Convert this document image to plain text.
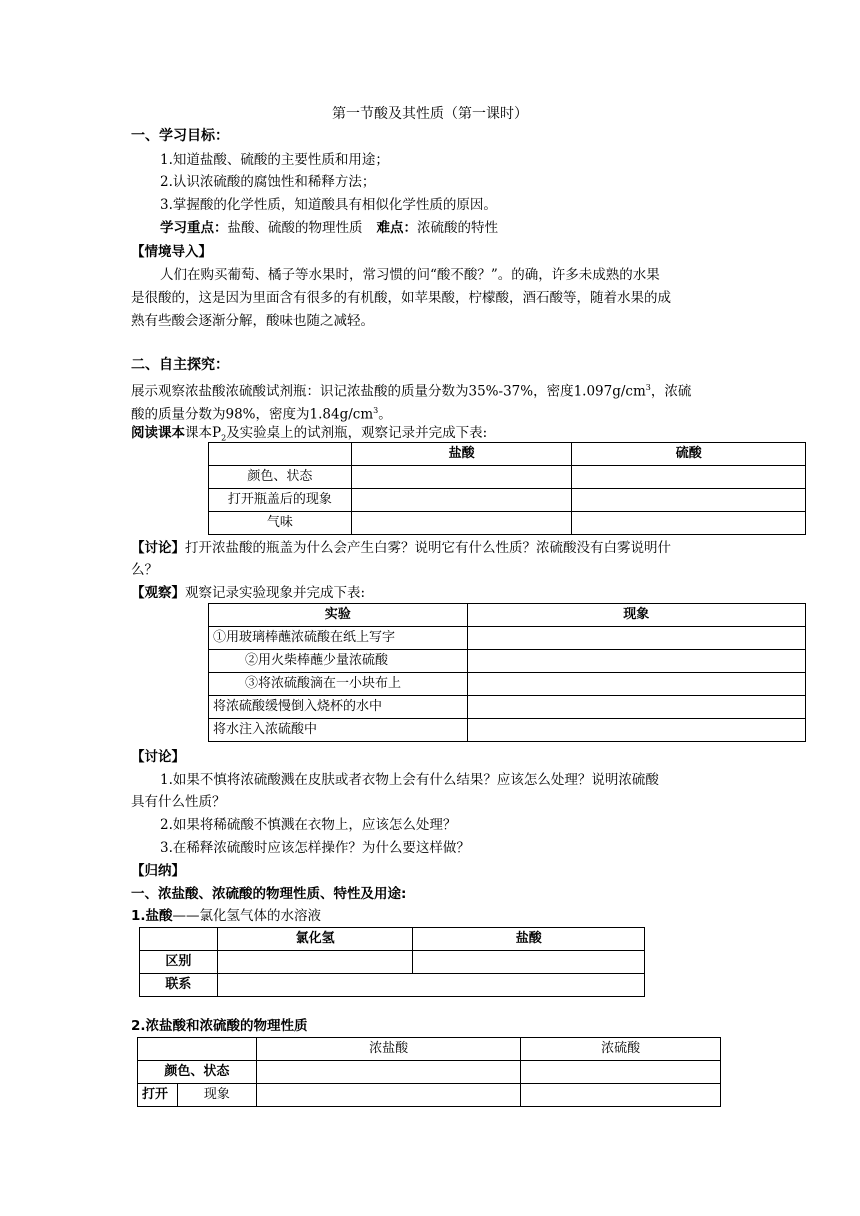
第一节酸及其性质（第一课时）
一、学习目标：
1.知道盐酸、硫酸的主要性质和用途；
2.认识浓硫酸的腐蚀性和稀释方法；
3.掌握酸的化学性质，知道酸具有相似化学性质的原因。
学习重点：盐酸、硫酸的物理性质 难点：浓硫酸的特性
【情境导入】
人们在购买葡萄、橘子等水果时，常习惯的问“酸不酸？”。的确，许多未成熟的水果
是很酸的，这是因为里面含有很多的有机酸，如苹果酸，柠檬酸，酒石酸等，随着水果的成
熟有些酸会逐渐分解，酸味也随之减轻。
二、自主探究：
展示观察浓盐酸浓硫酸试剂瓶：识记浓盐酸的质量分数为35%-37%，密度$1.097g/cm^3$，浓硫
酸的质量分数为98%，密度为$1.84g/cm^3$。
阅读课本课本$P_2$及实验桌上的试剂瓶，观察记录并完成下表:
	盐酸	硫酸
颜色、状态		
打开瓶盖后的现象		
气味		
【讨论】打开浓盐酸的瓶盖为什么会产生白雾？说明它有什么性质？浓硫酸没有白雾说明什
么？
【观察】观察记录实验现象并完成下表:
实验	现象
①用玻璃棒蘸浓硫酸在纸上写字	
②用火柴棒蘸少量浓硫酸	
③将浓硫酸滴在一小块布上	
将浓硫酸缓慢倒入烧杯的水中	
将水注入浓硫酸中	
【讨论】
1.如果不慎将浓硫酸溅在皮肤或者衣物上会有什么结果？应该怎么处理？说明浓硫酸
具有什么性质？
2.如果将稀硫酸不慎溅在衣物上，应该怎么处理？
3.在稀释浓硫酸时应该怎样操作？为什么要这样做？
【归纳】
一、浓盐酸、浓硫酸的物理性质、特性及用途:
1.盐酸——氯化氢气体的水溶液
	氯化氢	盐酸
区别		
联系		
2.浓盐酸和浓硫酸的物理性质
		浓盐酸	浓硫酸
颜色、状态			
打开	现象		
